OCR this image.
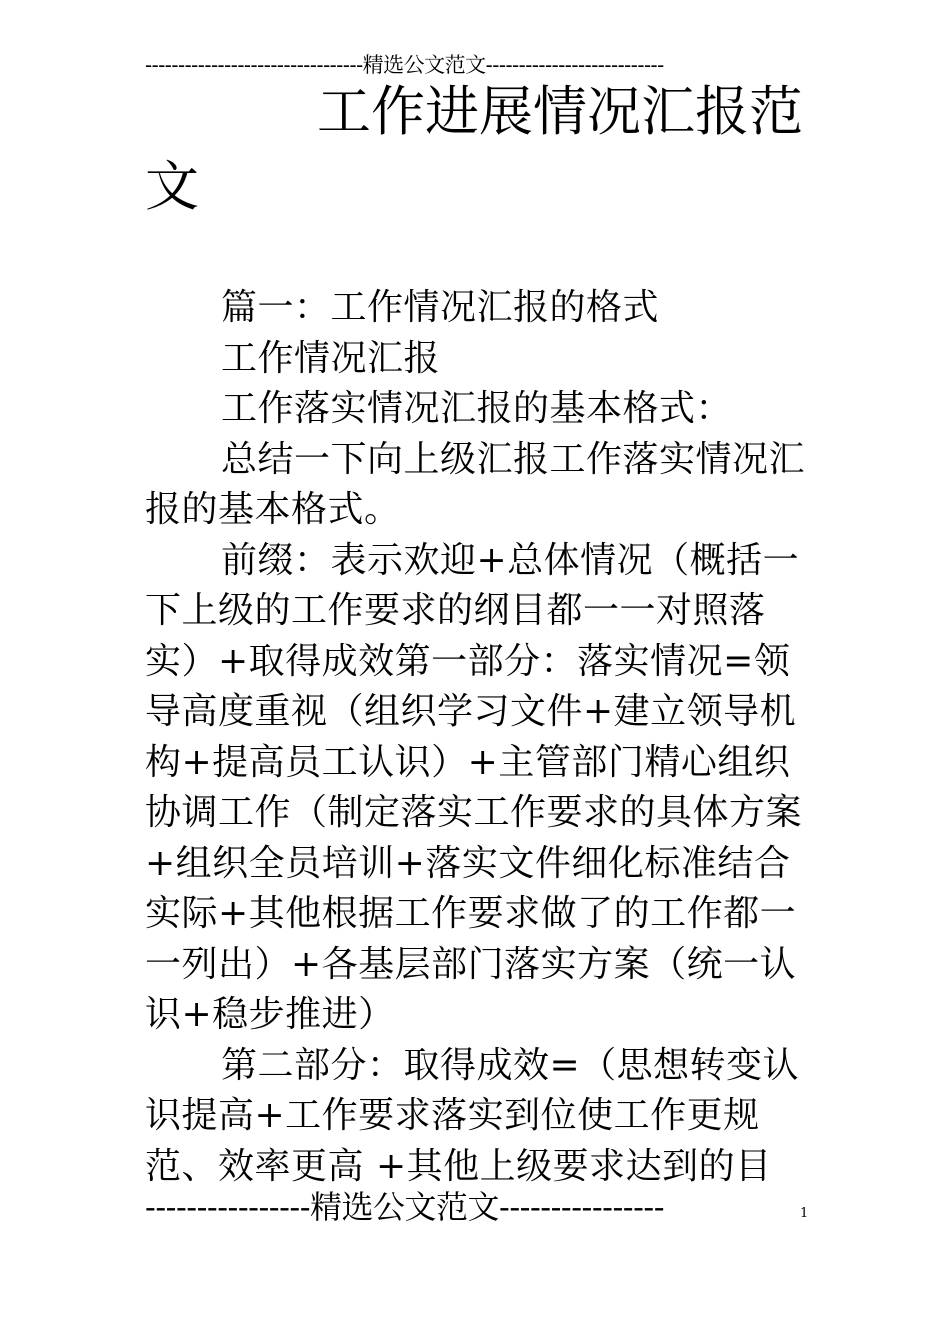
---------------------------------精选公文范文---------------------------
工作进展情况汇报范文

篇一：工作情况汇报的格式

工作情况汇报

工作落实情况汇报的基本格式：

总结一下向上级汇报工作落实情况汇报的基本格式。

前缀：表示欢迎+总体情况（概括一下上级的工作要求的纲目都一一对照落实）+取得成效第一部分：落实情况=领导高度重视（组织学习文件+建立领导机构+提高员工认识）+主管部门精心组织协调工作（制定落实工作要求的具体方案+组织全员培训+落实文件细化标准结合实际+其他根据工作要求做了的工作都一一列出）+各基层部门落实方案（统一认识+稳步推进）

第二部分：取得成效=（思想转变认识提高+工作要求落实到位使工作更规范、效率更高 +其他上级要求达到的目

----------------精选公文范文----------------	1
